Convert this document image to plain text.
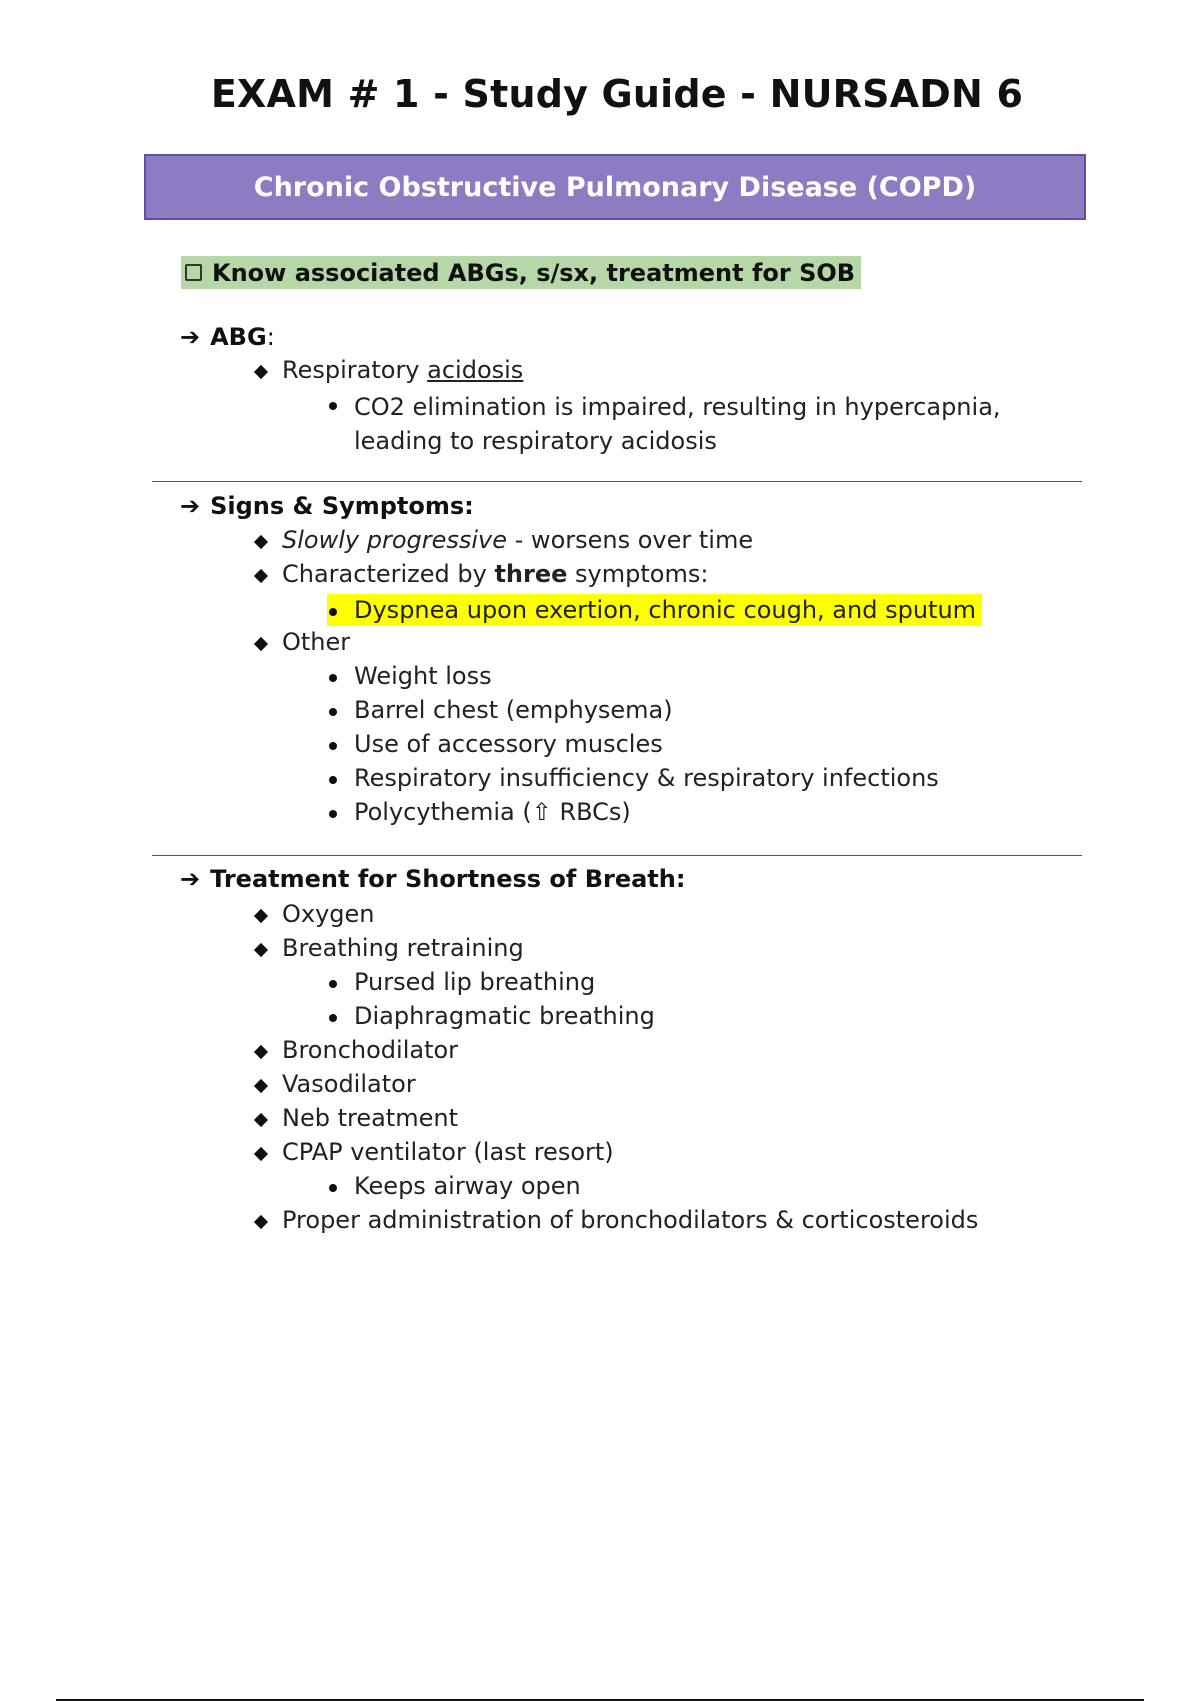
EXAM # 1 - Study Guide - NURSADN 6
Chronic Obstructive Pulmonary Disease (COPD)
Know associated ABGs, s/sx, treatment for SOB
➔ ABG :
Respiratory acidosis
CO2 elimination is impaired, resulting in hypercapnia,
leading to respiratory acidosis
➔ Signs & Symptoms:
Slowly progressive - worsens over time
Characterized by three symptoms:
Dyspnea upon exertion, chronic cough, and sputum
Other
Weight loss
Barrel chest (emphysema)
Use of accessory muscles
Respiratory insufficiency & respiratory infections
Polycythemia (⇧ RBCs)
➔ Treatment for Shortness of Breath:
Oxygen
Breathing retraining
Pursed lip breathing
Diaphragmatic breathing
Bronchodilator
Vasodilator
Neb treatment
CPAP ventilator (last resort)
Keeps airway open
Proper administration of bronchodilators & corticosteroids
